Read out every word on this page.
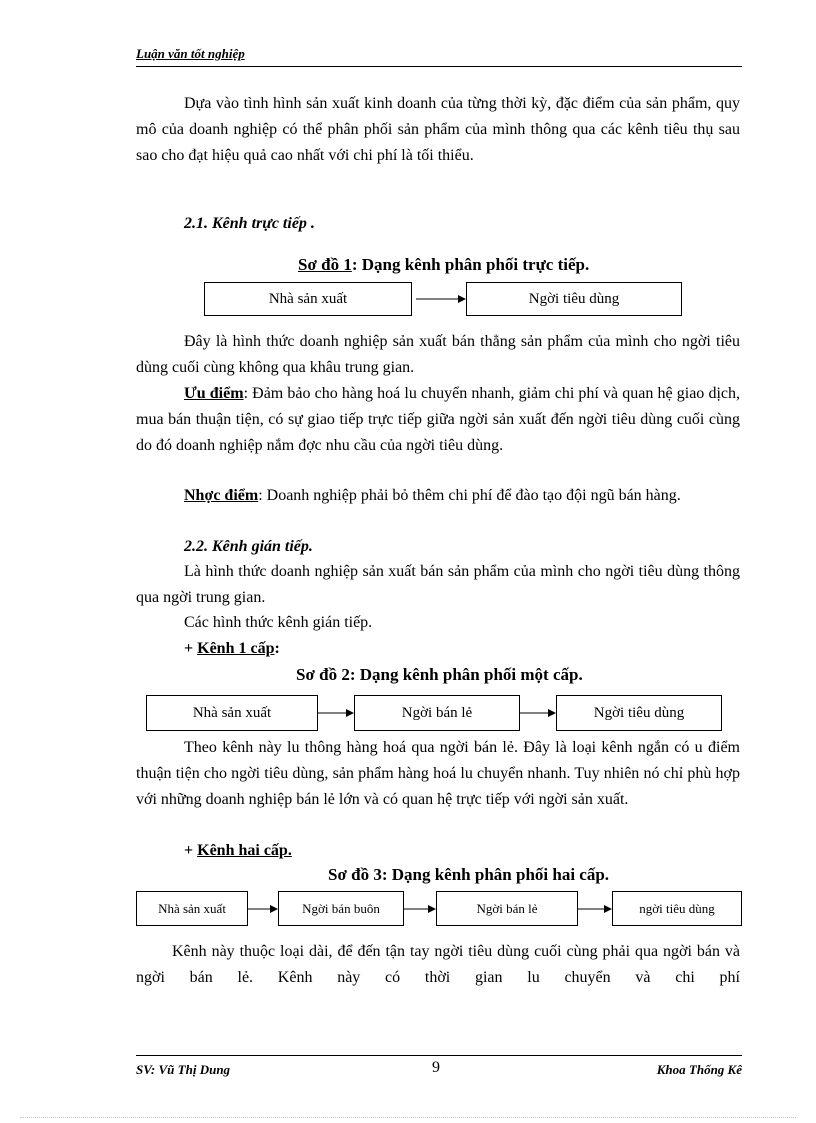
Luận văn tốt nghiệp

Dựa vào tình hình sản xuất kinh doanh của từng thời kỳ, đặc điểm của sản phẩm, quy mô của doanh nghiệp có thể phân phối sản phẩm của mình thông qua các kênh tiêu thụ sau sao cho đạt hiệu quả cao nhất với chi phí là tối thiểu.

2.1. Kênh trực tiếp .
Sơ đồ 1: Dạng kênh phân phối trực tiếp.
Nhà sản xuất	Ngời tiêu dùng

Đây là hình thức doanh nghiệp sản xuất bán thẳng sản phẩm của mình cho ngời tiêu dùng cuối cùng không qua khâu trung gian.

Ưu điểm: Đảm bảo cho hàng hoá lu chuyển nhanh, giảm chi phí và quan hệ giao dịch, mua bán thuận tiện, có sự giao tiếp trực tiếp giữa ngời sản xuất đến ngời tiêu dùng cuối cùng do đó doanh nghiệp nắm đợc nhu cầu của ngời tiêu dùng.

Nhợc điểm: Doanh nghiệp phải bỏ thêm chi phí để đào tạo đội ngũ bán hàng.

2.2. Kênh gián tiếp.

Là hình thức doanh nghiệp sản xuất bán sản phẩm của mình cho ngời tiêu dùng thông qua ngời trung gian.

Các hình thức kênh gián tiếp.
+ Kênh 1 cấp:
Sơ đồ 2: Dạng kênh phân phối một cấp.
Nhà sản xuất	Ngời bán lẻ	Ngời tiêu dùng

Theo kênh này lu thông hàng hoá qua ngời bán lẻ. Đây là loại kênh ngắn có u điểm thuận tiện cho ngời tiêu dùng, sản phẩm hàng hoá lu chuyển nhanh. Tuy nhiên nó chỉ phù hợp với những doanh nghiệp bán lẻ lớn và có quan hệ trực tiếp với ngời sản xuất.

+ Kênh hai cấp.
Sơ đồ 3: Dạng kênh phân phối hai cấp.
Nhà sản xuất	Ngời bán buôn	Ngời bán lẻ	ngời tiêu dùng

Kênh này thuộc loại dài, để đến tận tay ngời tiêu dùng cuối cùng phải qua ngời bán và ngời bán lẻ. Kênh này có thời gian lu chuyển và chi phí

SV: Vũ Thị Dung	9	Khoa Thống Kê
